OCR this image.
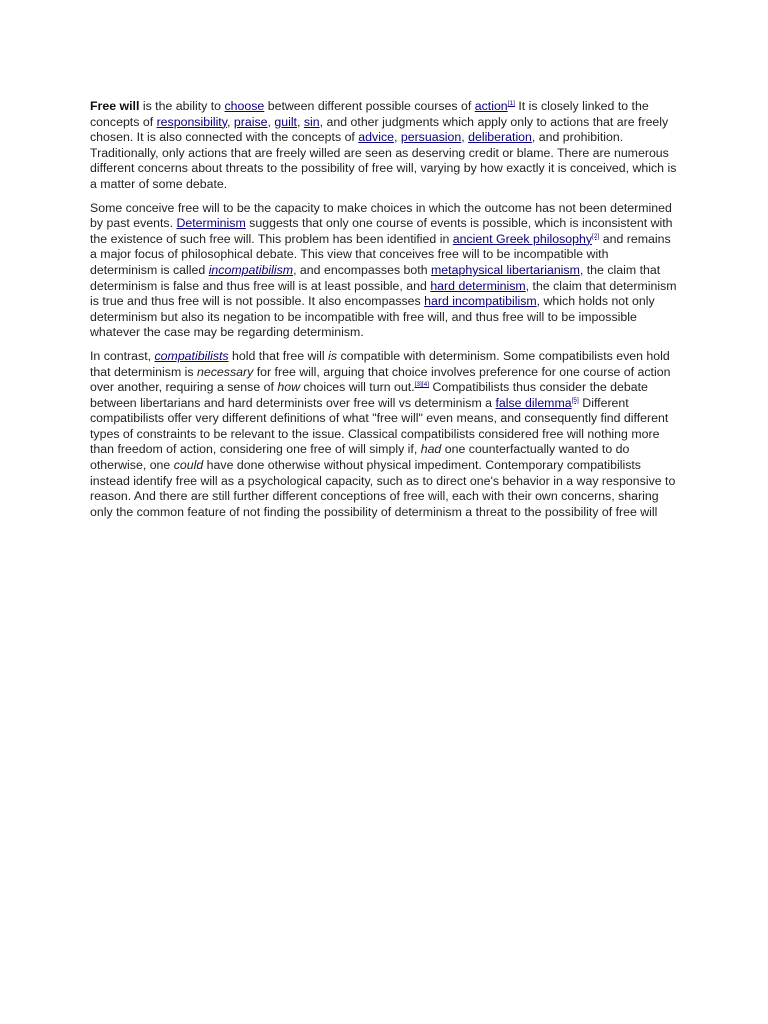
Free will is the ability to choose between different possible courses of action[1] It is closely linked to the concepts of responsibility, praise, guilt, sin, and other judgments which apply only to actions that are freely chosen. It is also connected with the concepts of advice, persuasion, deliberation, and prohibition. Traditionally, only actions that are freely willed are seen as deserving credit or blame. There are numerous different concerns about threats to the possibility of free will, varying by how exactly it is conceived, which is a matter of some debate.

Some conceive free will to be the capacity to make choices in which the outcome has not been determined by past events. Determinism suggests that only one course of events is possible, which is inconsistent with the existence of such free will. This problem has been identified in ancient Greek philosophy[2] and remains a major focus of philosophical debate. This view that conceives free will to be incompatible with determinism is called incompatibilism, and encompasses both metaphysical libertarianism, the claim that determinism is false and thus free will is at least possible, and hard determinism, the claim that determinism is true and thus free will is not possible. It also encompasses hard incompatibilism, which holds not only determinism but also its negation to be incompatible with free will, and thus free will to be impossible whatever the case may be regarding determinism.

In contrast, compatibilists hold that free will is compatible with determinism. Some compatibilists even hold that determinism is necessary for free will, arguing that choice involves preference for one course of action over another, requiring a sense of how choices will turn out.[3][4] Compatibilists thus consider the debate between libertarians and hard determinists over free will vs determinism a false dilemma[5] Different compatibilists offer very different definitions of what "free will" even means, and consequently find different types of constraints to be relevant to the issue. Classical compatibilists considered free will nothing more than freedom of action, considering one free of will simply if, had one counterfactually wanted to do otherwise, one could have done otherwise without physical impediment. Contemporary compatibilists instead identify free will as a psychological capacity, such as to direct one's behavior in a way responsive to reason. And there are still further different conceptions of free will, each with their own concerns, sharing only the common feature of not finding the possibility of determinism a threat to the possibility of free will
